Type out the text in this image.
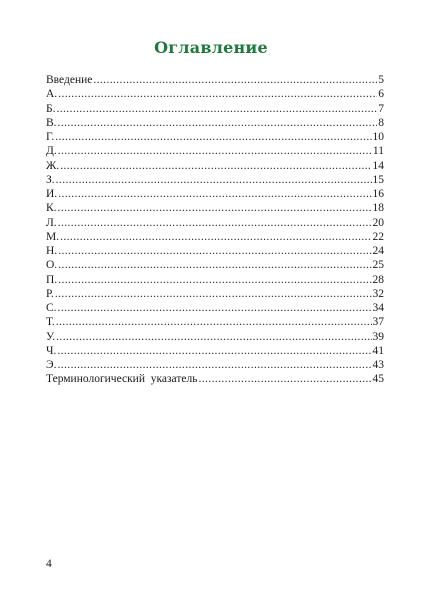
Оглавление
Введение .....	5
А. .....	6
Б. .....	7
В. .....	8
Г. .....	10
Д. .....	11
Ж. .....	14
З. .....	15
И. .....	16
К. .....	18
Л. .....	20
М. .....	22
Н. .....	24
О. .....	25
П. .....	28
Р. .....	32
С. .....	34
Т. .....	37
У. .....	39
Ч. .....	41
Э. .....	43
Терминологический  указатель .....	45
4
